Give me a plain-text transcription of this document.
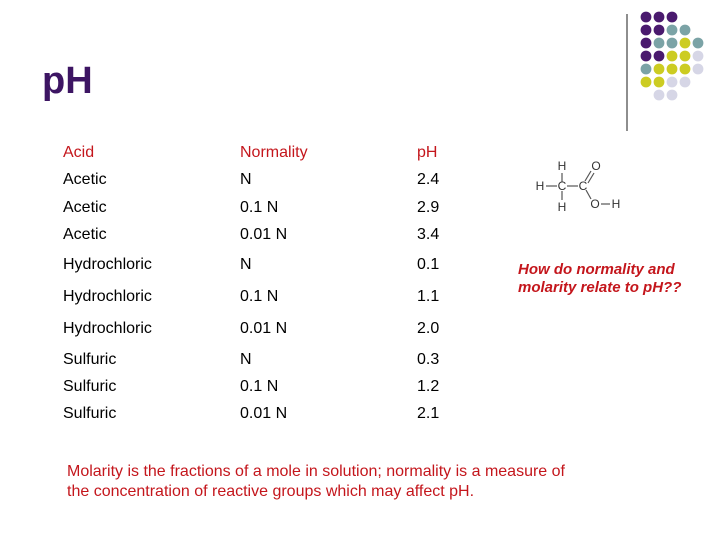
pH
Acid	Normality	pH
Acetic	N	2.4
Acetic	0.1 N	2.9
Acetic	0.01 N	3.4
Hydrochloric	N	0.1
Hydrochloric	0.1 N	1.1
Hydrochloric	0.01 N	2.0
Sulfuric	N	0.3
Sulfuric	0.1 N	1.2
Sulfuric	0.01 N	2.1
H
H C
H
C
O
O H
How do normality and molarity relate to pH??
Molarity is the fractions of a mole in solution; normality is a measure of the concentration of reactive groups which may affect pH.
